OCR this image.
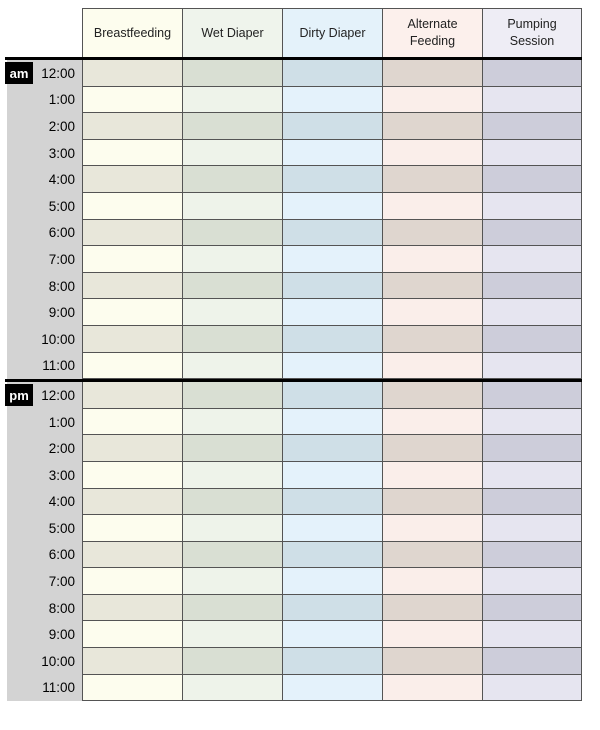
Breastfeeding	Wet Diaper	Dirty Diaper
Alternate Feeding
Pumping Session
am 12:00
1:00
2:00
3:00
4:00
5:00
6:00
7:00
8:00
9:00
10:00
11:00
pm 12:00
1:00
2:00
3:00
4:00
5:00
6:00
7:00
8:00
9:00
10:00
11:00
